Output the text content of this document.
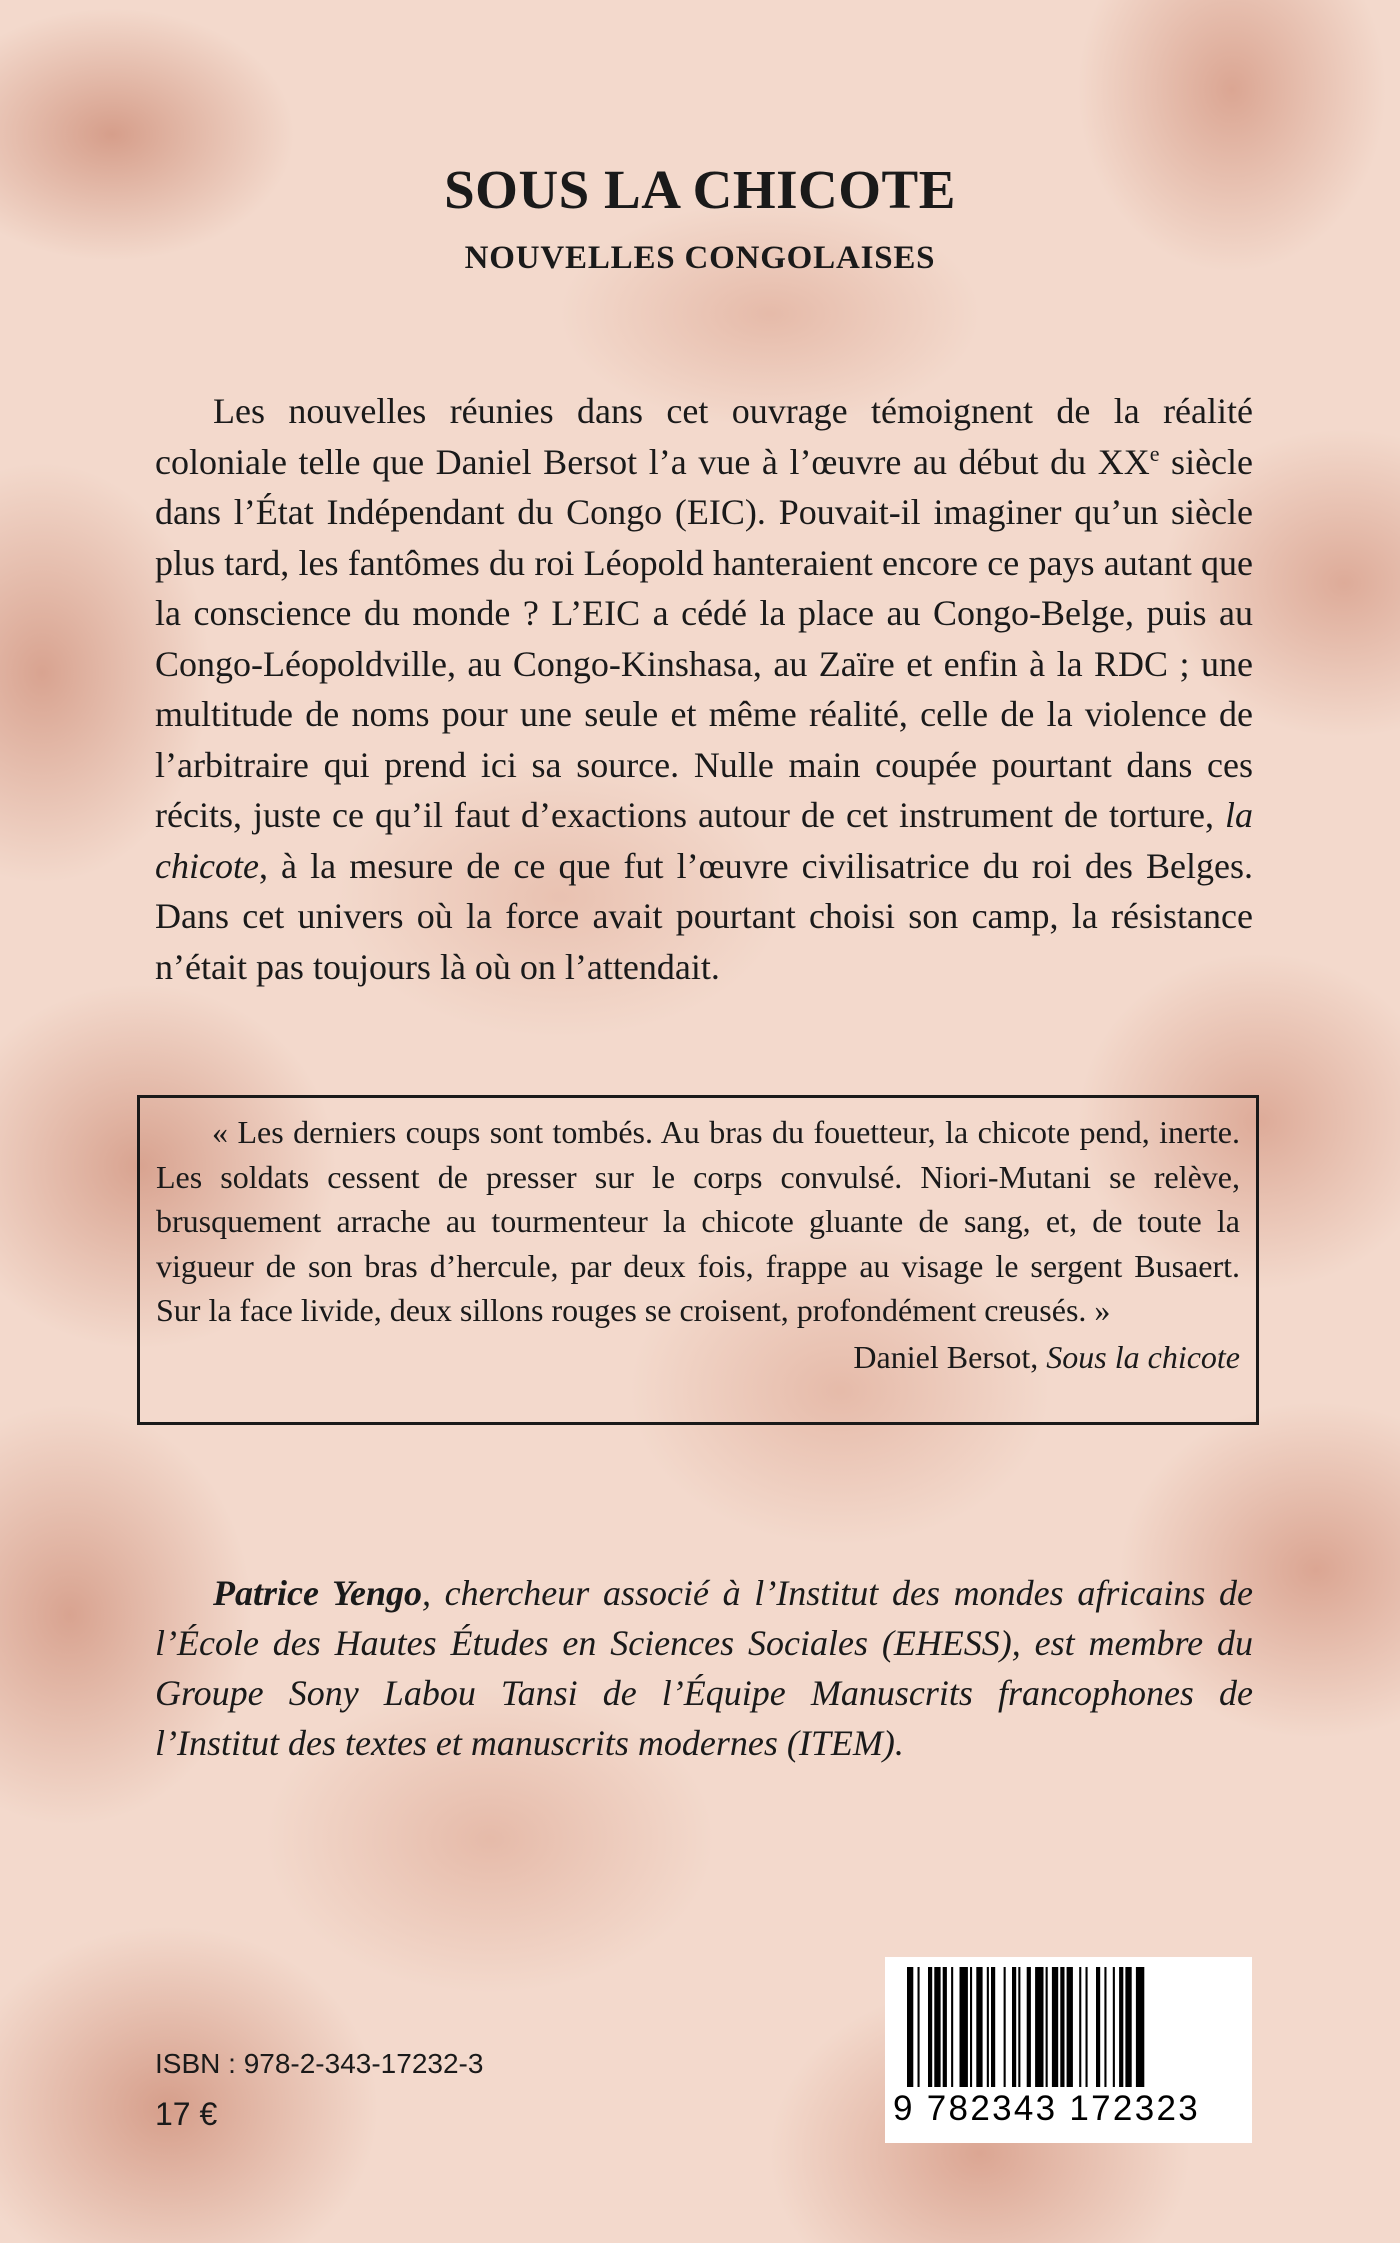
SOUS LA CHICOTE
NOUVELLES CONGOLAISES

Les nouvelles réunies dans cet ouvrage témoignent de la réalité coloniale telle que Daniel Bersot l’a vue à l’œuvre au début du XXe siècle dans l’État Indépendant du Congo (EIC). Pouvait-il imaginer qu’un siècle plus tard, les fantômes du roi Léopold hanteraient encore ce pays autant que la conscience du monde ? L’EIC a cédé la place au Congo-Belge, puis au Congo-Léopoldville, au Congo-Kinshasa, au Zaïre et enfin à la RDC ; une multitude de noms pour une seule et même réalité, celle de la violence de l’arbitraire qui prend ici sa source. Nulle main coupée pourtant dans ces récits, juste ce qu’il faut d’exactions autour de cet instrument de torture, la chicote, à la mesure de ce que fut l’œuvre civilisatrice du roi des Belges. Dans cet univers où la force avait pourtant choisi son camp, la résistance n’était pas toujours là où on l’attendait.

« Les derniers coups sont tombés. Au bras du fouetteur, la chicote pend, inerte. Les soldats cessent de presser sur le corps convulsé. Niori-Mutani se relève, brusquement arrache au tourmenteur la chicote gluante de sang, et, de toute la vigueur de son bras d’hercule, par deux fois, frappe au visage le sergent Busaert. Sur la face livide, deux sillons rouges se croisent, profondément creusés. »

Daniel Bersot, Sous la chicote

Patrice Yengo, chercheur associé à l’Institut des mondes africains de l’École des Hautes Études en Sciences Sociales (EHESS), est membre du Groupe Sony Labou Tansi de l’Équipe Manuscrits francophones de l’Institut des textes et manuscrits modernes (ITEM).

ISBN : 978-2-343-17232-3

17 €	9 782343 172323
